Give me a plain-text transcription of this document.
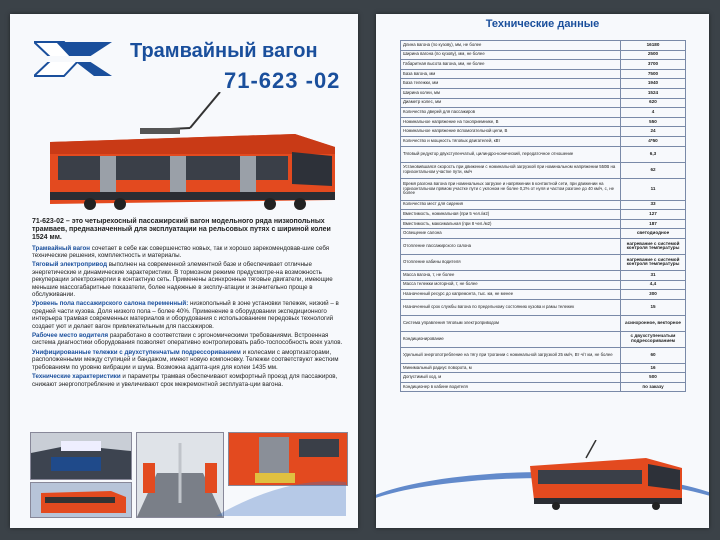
Трамвайный вагон
71-623 -02

71-623-02 – это четырехосный пассажирский вагон модельного ряда низкопольных трамваев, предназначенный для эксплуатации на рельсовых путях с шириной колеи 1524 мм.

Трамвайный вагон сочетает в себе как совершенство новых, так и хорошо зарекомендовав-шие себя технические решения, комплектность и материалы.

Тяговый электропривод выполнен на современной элементной базе и обеспечивает отличные энергетические и динамические характеристики. В тормозном режиме предусмотре-на возможность рекуперации электроэнергии в контактную сеть. Применены асинхронные тяговые двигатели, имеющие меньшие массогабаритные показатели, более надежные в эксплу-атации и значительно проще в обслуживании.

Уровень пола пассажирского салона переменный: низкопольный в зоне установки тележек, низкий – в средней части кузова. Доля низкого пола – более 40%. Применение в оборудовании экспедиционного интерьера трамвая современных материалов и оборудования с использованием передовых технологий создает уют и делает вагон привлекательным для пассажиров.

Рабочее место водителя разработано в соответствии с эргономическими требованиями. Встроенная система диагностики оборудования позволяет оперативно контролировать рабо-тоспособность всех узлов.

Унифицированные тележки с двухступенчатым подрессориванием и колесами с амортизаторами, расположенными между ступицей и бандажом, имеют новую компоновку. Тележки соответствуют жестким требованиям по уровню вибрации и шума. Возможна адапта-ция для колеи 1435 мм.

Технические характеристики и параметры трамвая обеспечивают комфортный проезд для пассажиров, снижают энергопотребление и увеличивают срок межремонтной эксплуата-ции вагона.

Технические данные
Длина вагона (по кузову), мм, не более	16180
Ширина вагона (по кузову), мм, не более	2500
Габаритная высота вагона, мм, не более	3700
База вагона, мм	7500
База тележки, мм	1940
Ширина колеи, мм	1524
Диаметр колес, мм	620
Количество дверей для пассажиров	4
Номинальное напряжение на токоприемнике, В	550
Номинальное напряжение вспомогательной цепи, В	24
Количество и мощность тяговых двигателей, кВт	4*50
Тяговый редуктор двухступенчатый, цилиндро-конический, передаточное отношение	6,3
Установившаяся скорость при движении с номинальной загрузкой при номинальном напряжении 550В на горизонтальном участке пути, км/ч	62
Время разгона вагона при номинальных загрузке и напряжении в контактной сети, при движении на горизонтальном прямом участке пути с уклоном не более 0,2% от нуля и частом разгоне до 40 км/ч, с, не более	11
Количество мест для сидения	33
Вместимость, номинальная (при 5 чел./м2)	127
Вместимость, максимальная (при 8 чел./м2)	187
Освещение салона	светодиодное
Отопление пассажирского салона	нагревание с системой контроля температуры
Отопление кабины водителя	нагревание с системой контроля температуры
Масса вагона, т, не более	31
Масса тележки моторной, т, не более	4,4
Назначенный ресурс до капремонта, тыс. км, не менее	300
Назначенный срок службы вагона по предельному состоянию кузова и рамы тележек	15
Система управления тяговым электроприводом	асинхронное, векторное
Кондиционирование	с двухступенчатым подрессориванием
Удельный энергопотребление на тягу при трогании с номинальной загрузкой 25 км/ч, Вт·ч/т км, не более	60
Минимальный радиус поворота, м	16
Допустимый ход, м	500
Кондиционер в кабине водителя	по заказу
